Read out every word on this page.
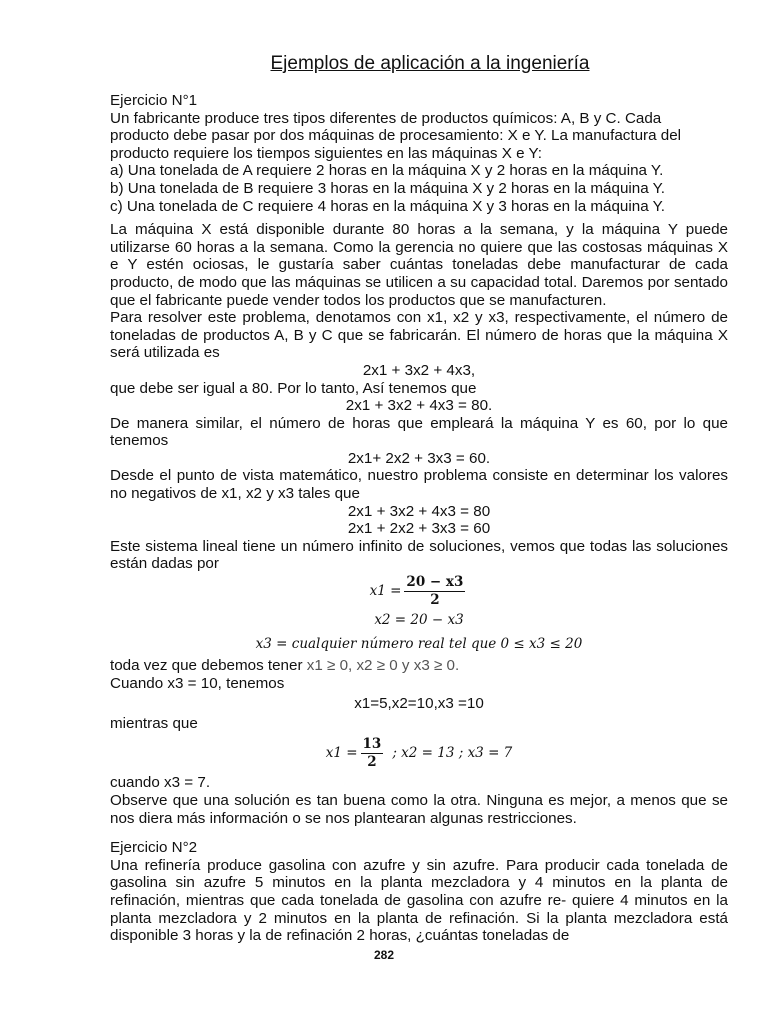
Ejemplos de aplicación a la ingeniería

Ejercicio N°1

Un fabricante produce tres tipos diferentes de productos químicos: A, B y C. Cada

producto debe pasar por dos máquinas de procesamiento: X e Y. La manufactura del

producto requiere los tiempos siguientes en las máquinas X e Y:

a) Una tonelada de A requiere 2 horas en la máquina X y 2 horas en la máquina Y.

b) Una tonelada de B requiere 3 horas en la máquina X y 2 horas en la máquina Y.

c) Una tonelada de C requiere 4 horas en la máquina X y 3 horas en la máquina Y.

La máquina X está disponible durante 80 horas a la semana, y la máquina Y puede utilizarse 60 horas a la semana. Como la gerencia no quiere que las costosas máquinas X e Y estén ociosas, le gustaría saber cuántas toneladas debe manufacturar de cada producto, de modo que las máquinas se utilicen a su capacidad total. Daremos por sentado que el fabricante puede vender todos los productos que se manufacturen.

Para resolver este problema, denotamos con x1, x2 y x3, respectivamente, el número de toneladas de productos A, B y C que se fabricarán. El número de horas que la máquina X será utilizada es

2x1 + 3x2 + 4x3,

que debe ser igual a 80. Por lo tanto, Así tenemos que

2x1 + 3x2 + 4x3 = 80.

De manera similar, el número de horas que empleará la máquina Y es 60, por lo que tenemos

2x1+ 2x2 + 3x3 = 60.

Desde el punto de vista matemático, nuestro problema consiste en determinar los valores no negativos de x1, x2 y x3 tales que

2x1 + 3x2 + 4x3 = 80

2x1 + 2x2 + 3x3 = 60

Este sistema lineal tiene un número infinito de soluciones, vemos que todas las soluciones están dadas por

$x1 = \frac{20 - x3}{2}$
x2 = 20 − x3
x3 = cualquier número real tel que 0 ≤ x3 ≤ 20

toda vez que debemos tener x1 ≥ 0, x2 ≥ 0 y x3 ≥ 0.

Cuando x3 = 10, tenemos

x1=5,x2=10,x3 =10

mientras que

$x1 = \frac{13}{2}$ ; x2 = 13 ; x3 = 7

cuando x3 = 7.

Observe que una solución es tan buena como la otra. Ninguna es mejor, a menos que se nos diera más información o se nos plantearan algunas restricciones.

Ejercicio N°2

Una refinería produce gasolina con azufre y sin azufre. Para producir cada tonelada de gasolina sin azufre 5 minutos en la planta mezcladora y 4 minutos en la planta de refinación, mientras que cada tonelada de gasolina con azufre re- quiere 4 minutos en la planta mezcladora y 2 minutos en la planta de refinación. Si la planta mezcladora está disponible 3 horas y la de refinación 2 horas, ¿cuántas toneladas de

282
